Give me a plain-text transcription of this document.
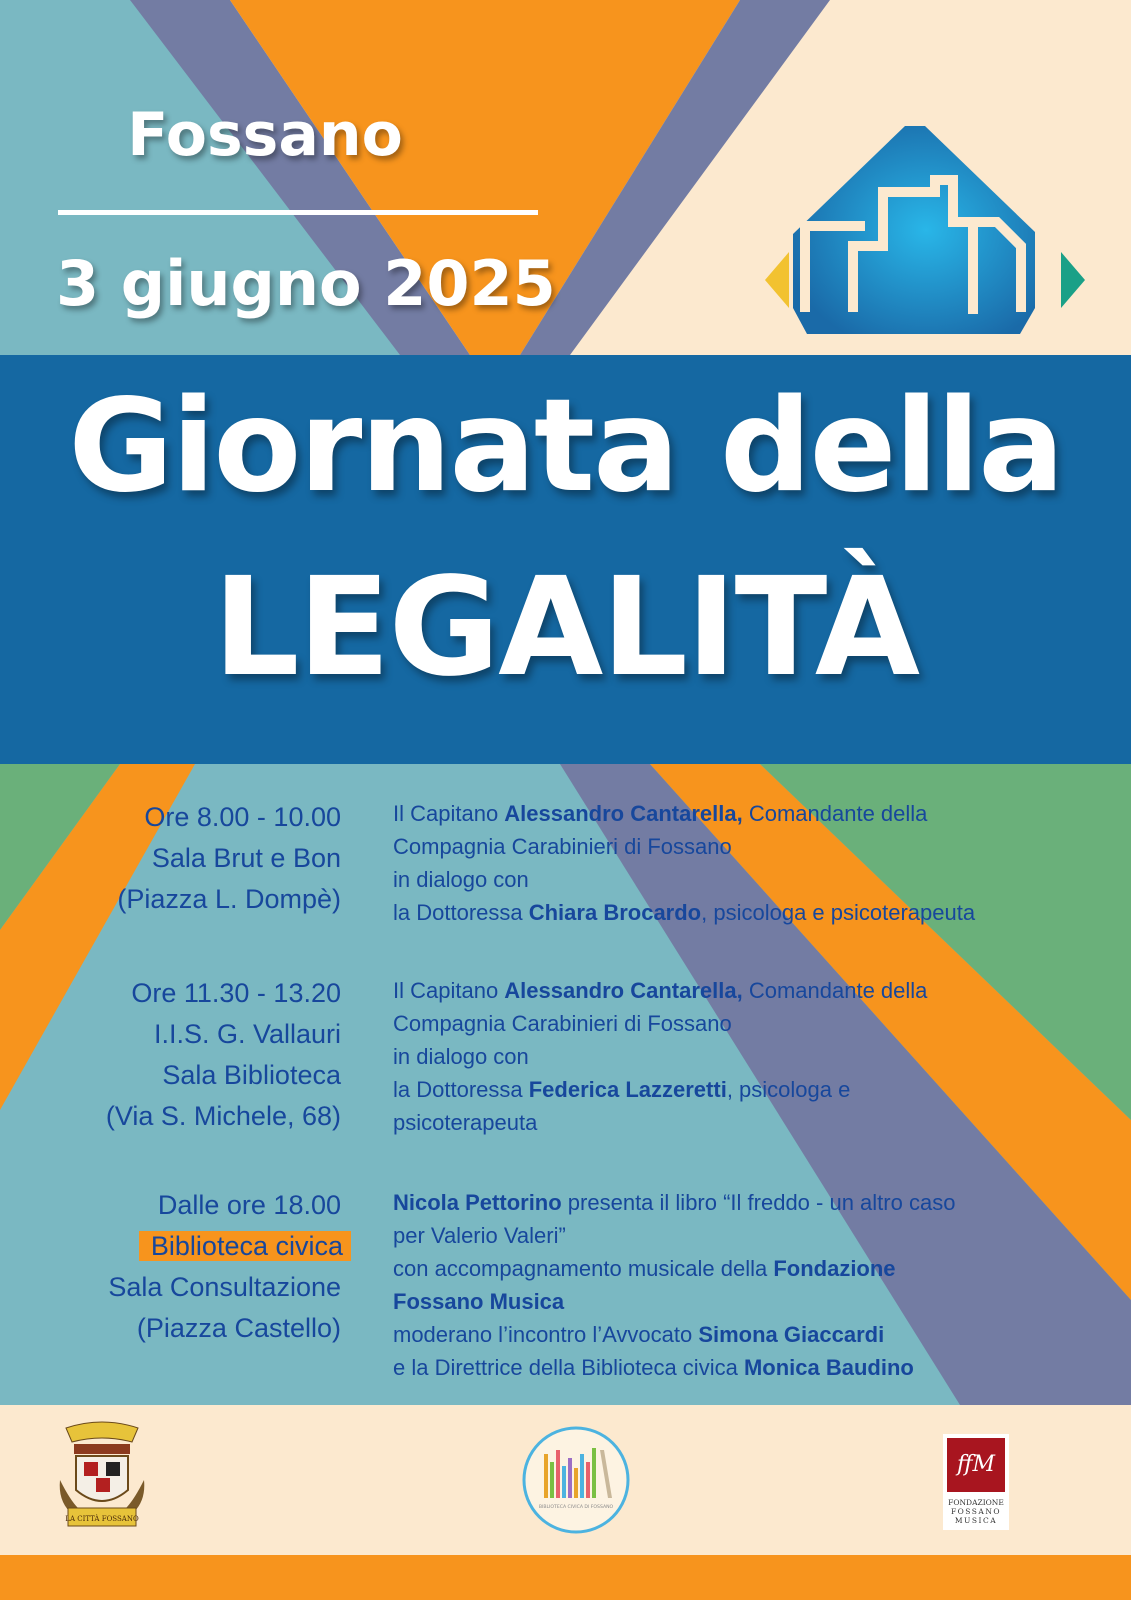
Fossano
3 giugno 2025
Giornata della
LEGALITÀ
Ore 8.00 - 10.00
Sala Brut e Bon
(Piazza L. Dompè)
Il Capitano Alessandro Cantarella, Comandante della
Compagnia Carabinieri di Fossano
in dialogo con
la Dottoressa Chiara Brocardo, psicologa e psicoterapeuta
Ore 11.30 - 13.20
I.I.S. G. Vallauri
Sala Biblioteca
(Via S. Michele, 68)
Il Capitano Alessandro Cantarella, Comandante della
Compagnia Carabinieri di Fossano
in dialogo con
la Dottoressa Federica Lazzeretti, psicologa e
psicoterapeuta
Dalle ore 18.00
Biblioteca civica
Sala Consultazione
(Piazza Castello)
Nicola Pettorino presenta il libro “Il freddo - un altro caso
per Valerio Valeri”
con accompagnamento musicale della Fondazione
Fossano Musica
moderano l’incontro l’Avvocato Simona Giaccardi
e la Direttrice della Biblioteca civica Monica Baudino
LA CITTÀ FOSSANO
BIBLIOTECA CIVICA DI FOSSANO
ffM
FONDAZIONE
FOSSANO
MUSICA
